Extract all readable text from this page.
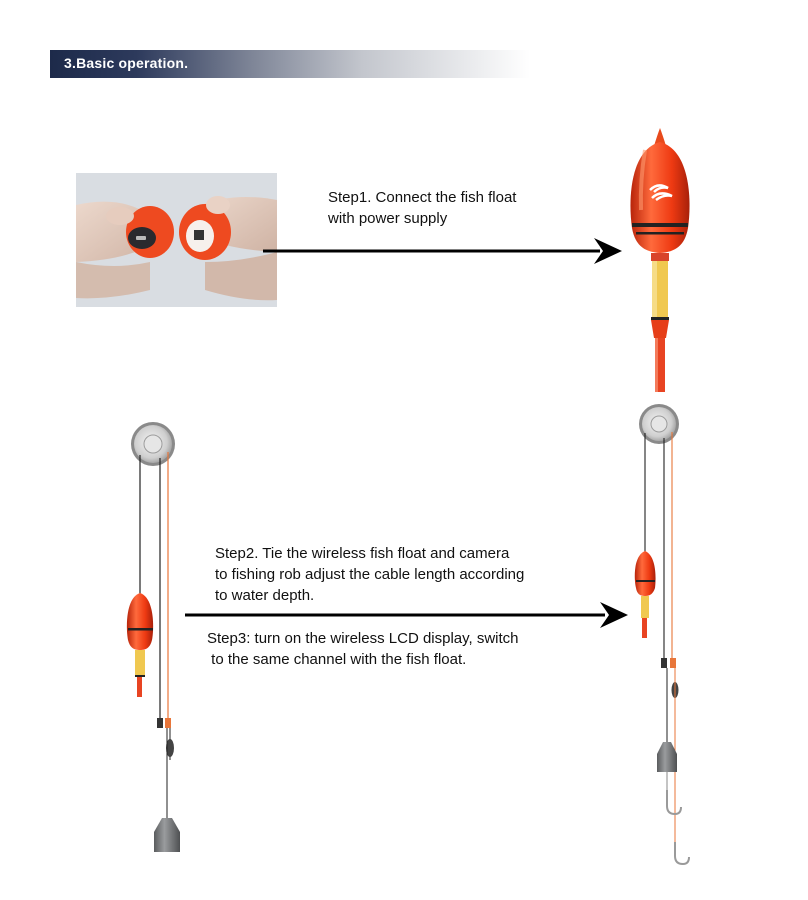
3.Basic operation.
Step1. Connect the fish float
with power supply
Step2. Tie the wireless fish float and camera
to fishing rob adjust the cable length according
to water depth.
Step3: turn on the wireless LCD display, switch
to the same channel with the fish float.
